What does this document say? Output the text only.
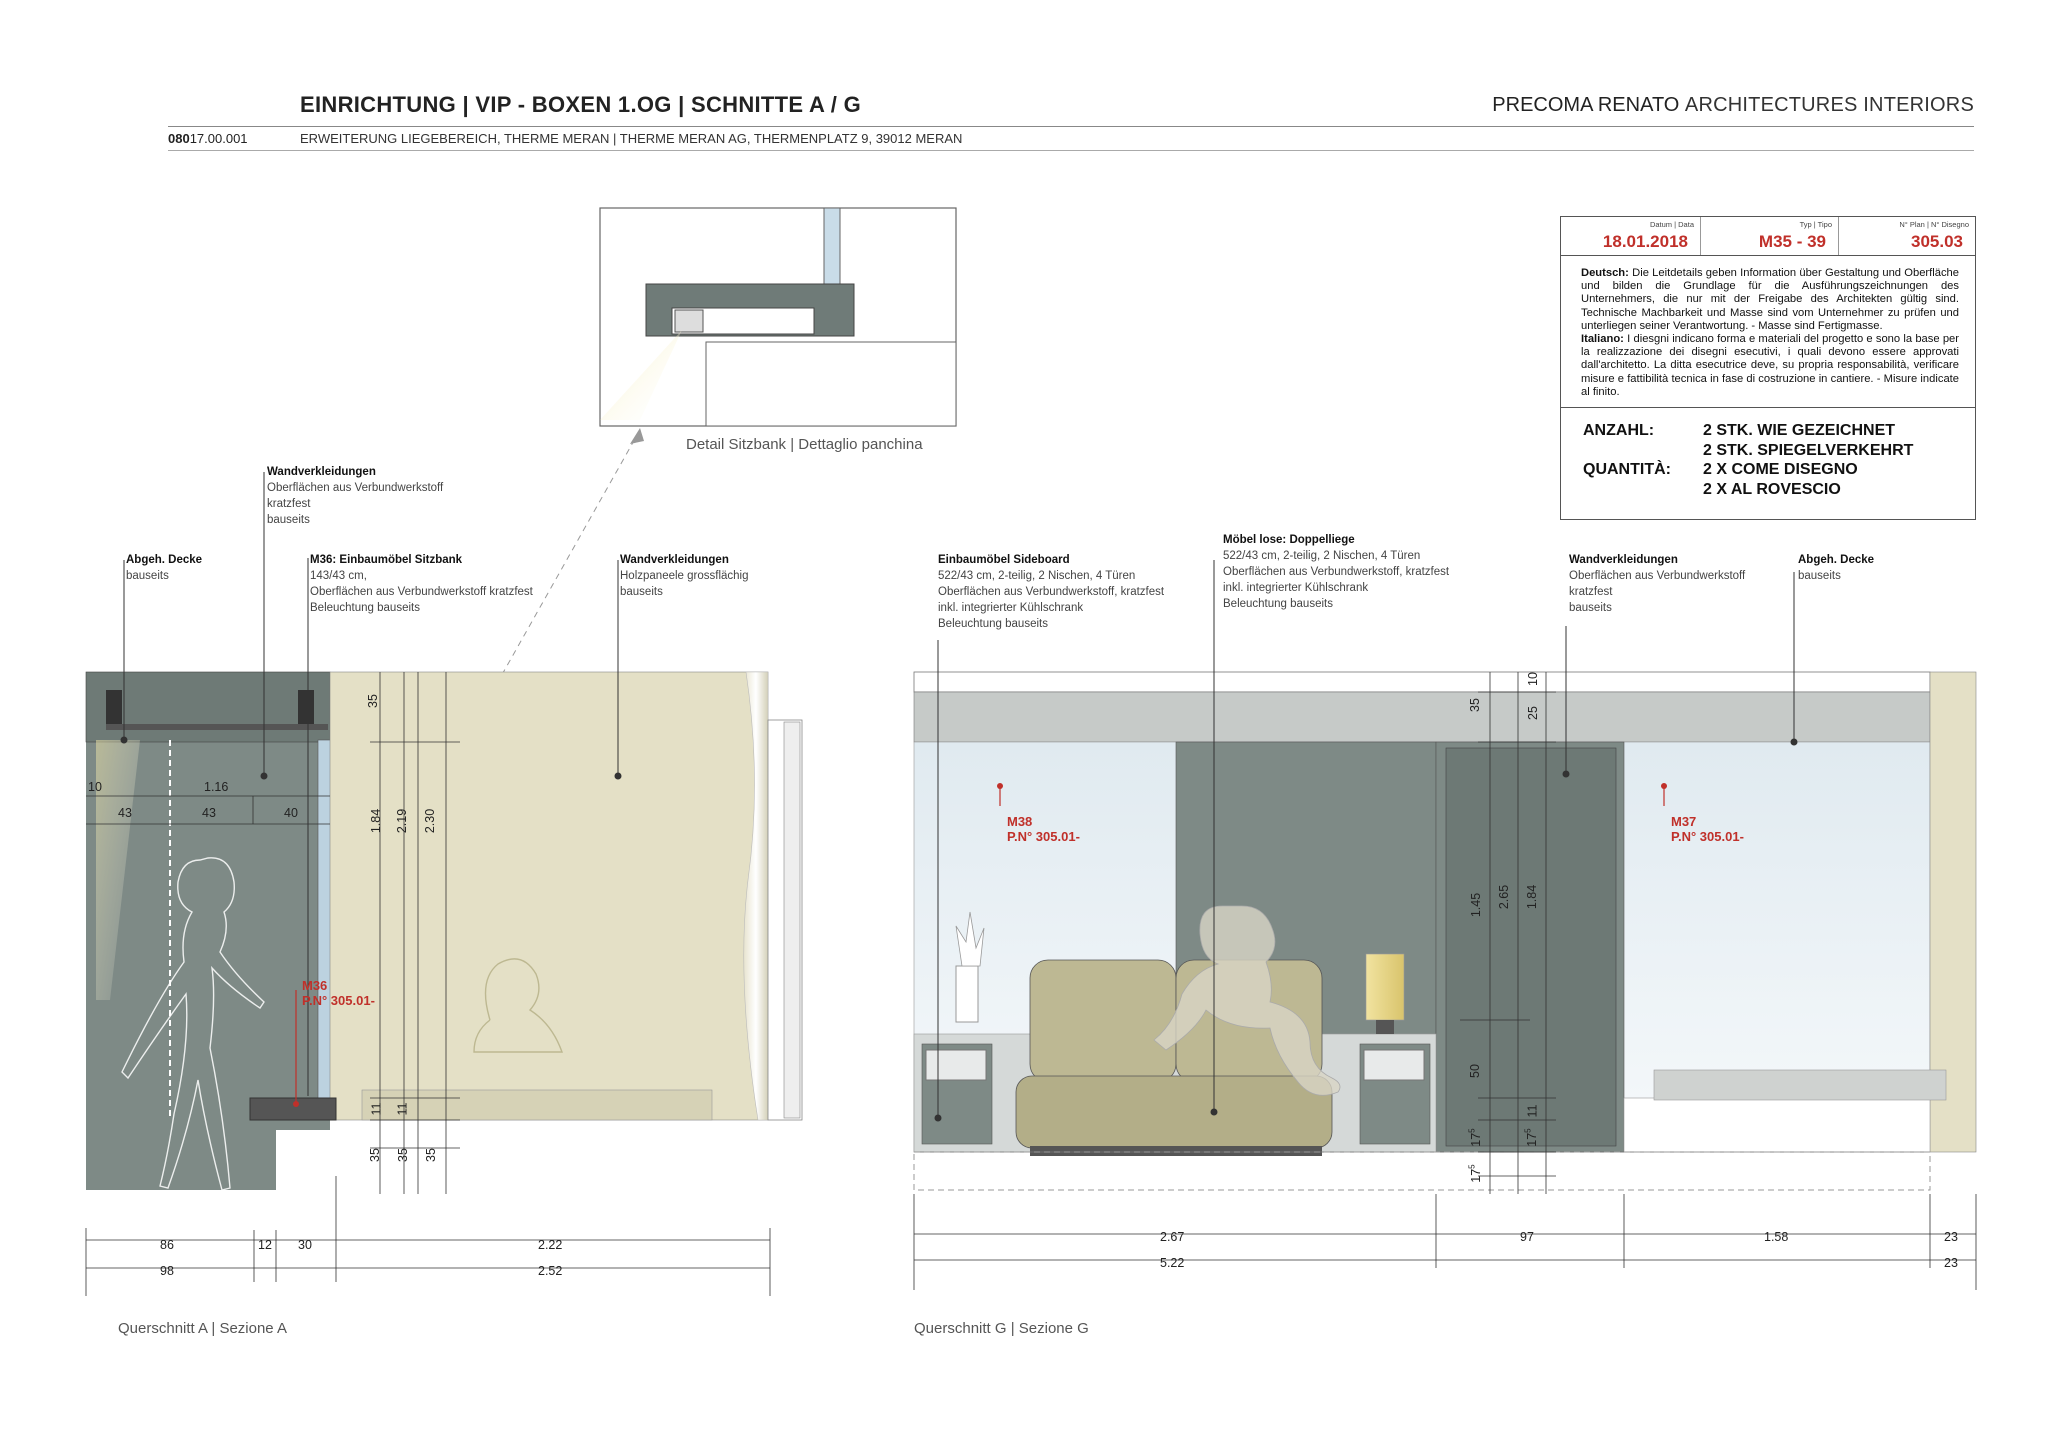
EINRICHTUNG | VIP - BOXEN 1.OG | SCHNITTE A / G	PRECOMA RENATO ARCHITECTURES INTERIORS
08017.00.001	ERWEITERUNG LIEGEBEREICH, THERME MERAN | THERME MERAN AG, THERMENPLATZ 9, 39012 MERAN
Datum | Data
18.01.2018
Typ | Tipo
M35 - 39
N° Plan | N° Disegno
305.03
Deutsch: Die Leitdetails geben Information über Gestaltung und Oberfläche und bilden die Grundlage für die Ausführungszeichnungen des Unternehmers, die nur mit der Freigabe des Architekten gültig sind. Technische Machbarkeit und Masse sind vom Unternehmer zu prüfen und unterliegen seiner Verantwortung. - Masse sind Fertigmasse.
Italiano: I diesgni indicano forma e materiali del progetto e sono la base per la realizzazione dei disegni esecutivi, i quali devono essere approvati dall'architetto. La ditta esecutrice deve, su propria responsabilità, verificare misure e fattibilità tecnica in fase di costruzione in cantiere. - Misure indicate al finito.
ANZAHL:	2 STK. WIE GEZEICHNET
2 STK. SPIEGELVERKEHRT
QUANTITÀ: 2 X COME DISEGNO
2 X AL ROVESCIO
Detail Sitzbank | Dettaglio panchina
Abgeh. Decke
bauseits
Wandverkleidungen
Oberflächen aus Verbundwerkstoff
kratzfest
bauseits
M36: Einbaumöbel Sitzbank
143/43 cm,
Oberflächen aus Verbundwerkstoff kratzfest
Beleuchtung bauseits
Wandverkleidungen
Holzpaneele grossflächig
bauseits
M36
P.N° 305.01-
10	1.16
43	43	40
35
1.84 2.19 2.30
11 11
35 35 35
86	12 30	2.22
98	2.52
Querschnitt A | Sezione A
Einbaumöbel Sideboard
522/43 cm, 2-teilig, 2 Nischen, 4 Türen
Oberflächen aus Verbundwerkstoff, kratzfest
inkl. integrierter Kühlschrank
Beleuchtung bauseits
Möbel lose: Doppelliege
522/43 cm, 2-teilig, 2 Nischen, 4 Türen
Oberflächen aus Verbundwerkstoff, kratzfest
inkl. integrierter Kühlschrank
Beleuchtung bauseits
Wandverkleidungen
Oberflächen aus Verbundwerkstoff
kratzfest
bauseits
Abgeh. Decke
bauseits
M38
P.N° 305.01-
M37
P.N° 305.01-
35
25
10
1.45 2.65 1.84
50
11
$17^5$
$17^5$
$17^5$
2.67	97	1.58	23
5.22	23
Querschnitt G | Sezione G
